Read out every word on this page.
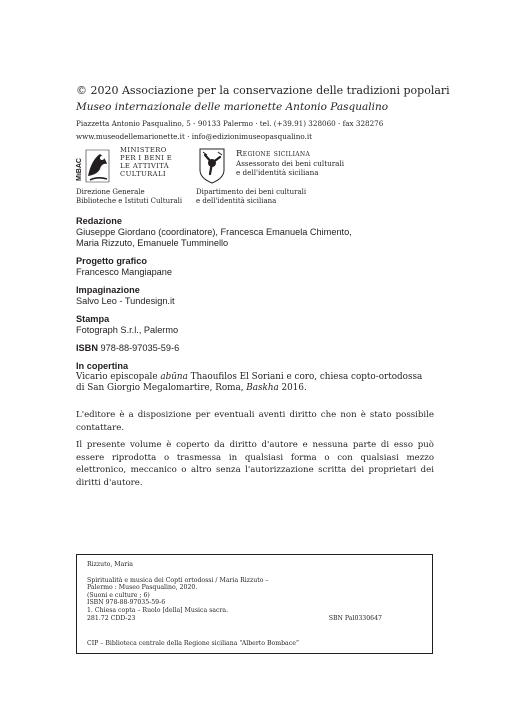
© 2020 Associazione per la conservazione delle tradizioni popolari
Museo internazionale delle marionette Antonio Pasqualino
Piazzetta Antonio Pasqualino, 5 - 90133 Palermo · tel. (+39.91) 328060 · fax 328276
www.museodellemarionette.it · info@edizionimuseopasqualino.it
MiBAC
MINISTERO
PER I BENI E
LE ATTIVITÀ
CULTURALI
Direzione Generale
Biblioteche e Istituti Culturali
Regione siciliana
Assessorato dei beni culturali
e dell'identità siciliana
Dipartimento dei beni culturali
e dell'identità siciliana
Redazione
Giuseppe Giordano (coordinatore), Francesca Emanuela Chimento,
Maria Rizzuto, Emanuele Tumminello
Progetto grafico
Francesco Mangiapane
Impaginazione
Salvo Leo - Tundesign.it
Stampa
Fotograph S.r.l., Palermo
ISBN 978-88-97035-59-6
In copertina
Vicario episcopale abūna Thaoufilos El Soriani e coro, chiesa copto-ortodossa
di San Giorgio Megalomartire, Roma, Baskha 2016.

L'editore è a disposizione per eventuali aventi diritto che non è stato possibile contattare.

Il presente volume è coperto da diritto d'autore e nessuna parte di esso può essere riprodotta o trasmessa in qualsiasi forma o con qualsiasi mezzo elettronico, meccanico o altro senza l'autorizzazione scritta dei proprietari dei diritti d'autore.

Rizzuto, Maria
Spiritualità e musica dei Copti ortodossi / Maria Rizzuto –
Palermo : Museo Pasqualino, 2020.
(Suoni e culture ; 6)
ISBN 978-88-97035-59-6
1. Chiesa copta – Ruolo [della] Musica sacra.
281.72 CDD-23	SBN Pal0330647
CIP – Biblioteca centrale della Regione siciliana “Alberto Bombace”
